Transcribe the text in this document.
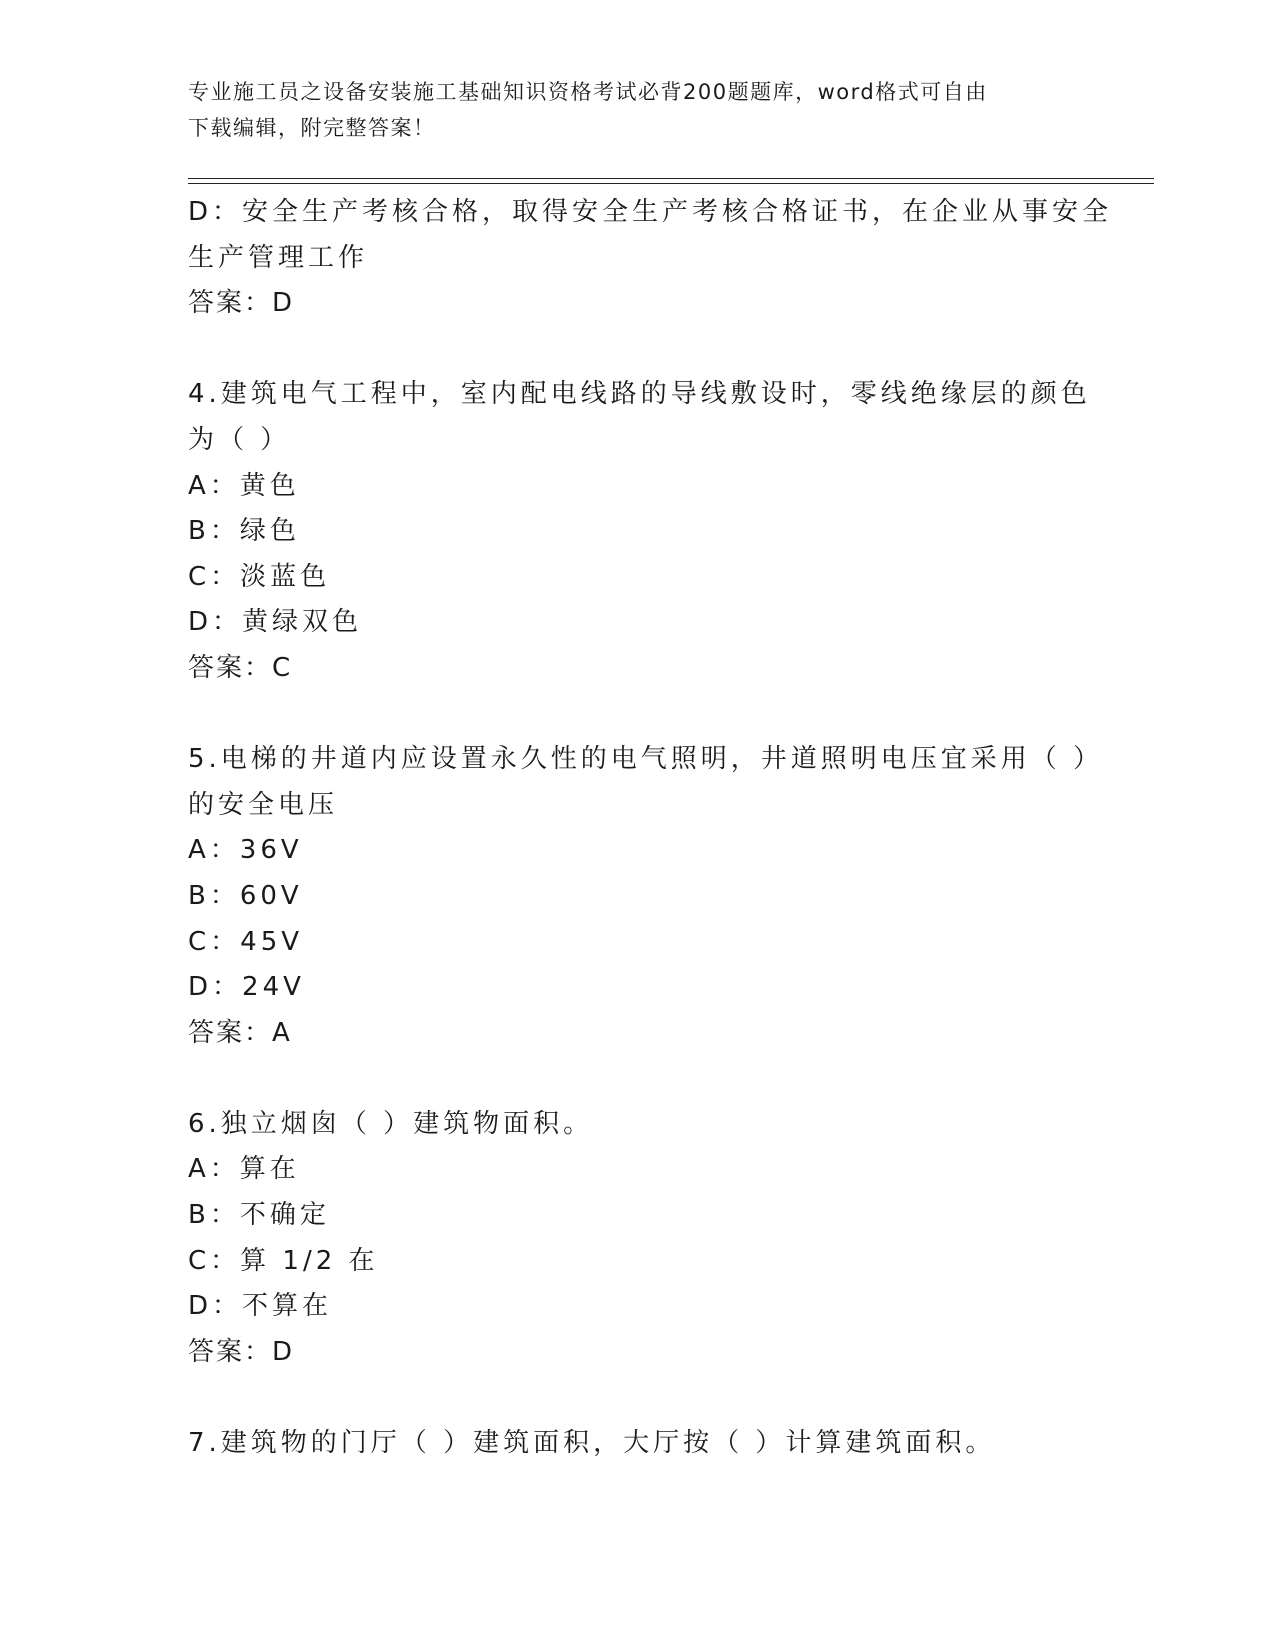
专业施工员之设备安装施工基础知识资格考试必背200题题库，word格式可自由
下载编辑，附完整答案！
D：安全生产考核合格，取得安全生产考核合格证书，在企业从事安全
生产管理工作
答案：D
4.建筑电气工程中，室内配电线路的导线敷设时，零线绝缘层的颜色
为（ ）
A：黄色
B：绿色
C：淡蓝色
D：黄绿双色
答案：C
5.电梯的井道内应设置永久性的电气照明，井道照明电压宜采用（ ）
的安全电压
A：36V
B：60V
C：45V
D：24V
答案：A
6.独立烟囱（ ）建筑物面积。
A：算在
B：不确定
C：算 1/2 在
D：不算在
答案：D
7.建筑物的门厅（ ）建筑面积，大厅按（ ）计算建筑面积。
